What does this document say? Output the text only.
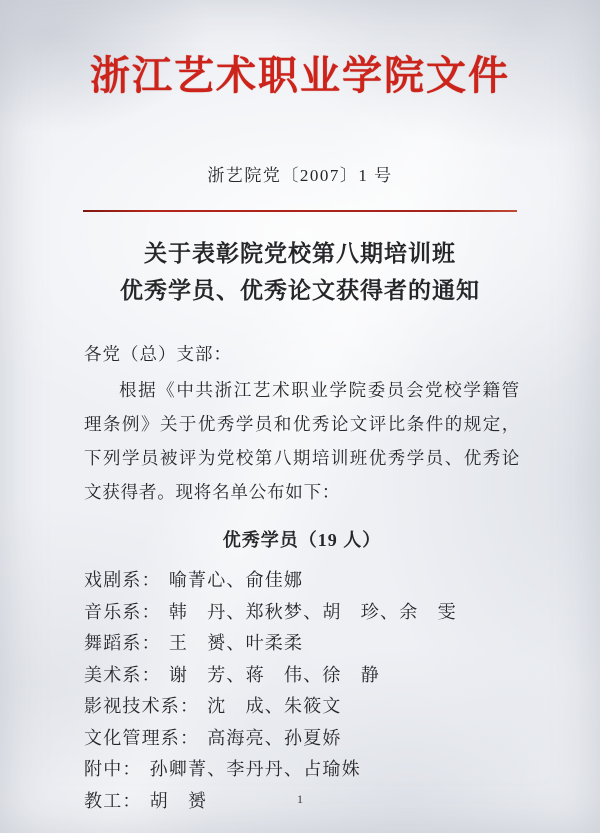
浙江艺术职业学院文件
浙艺院党〔2007〕1 号
关于表彰院党校第八期培训班
优秀学员、优秀论文获得者的通知

各党（总）支部：

根据《中共浙江艺术职业学院委员会党校学籍管理条例》关于优秀学员和优秀论文评比条件的规定，下列学员被评为党校第八期培训班优秀学员、优秀论文获得者。现将名单公布如下：

优秀学员（19 人）

戏剧系： 喻菁心、俞佳娜
音乐系： 韩　丹、郑秋梦、胡　珍、余　雯
舞蹈系： 王　赟、叶柔柔
美术系： 谢　芳、蒋　伟、徐　静
影视技术系： 沈　成、朱筱文
文化管理系： 高海亮、孙夏娇
附中： 孙卿菁、李丹丹、占瑜姝
教工： 胡　赟	1
